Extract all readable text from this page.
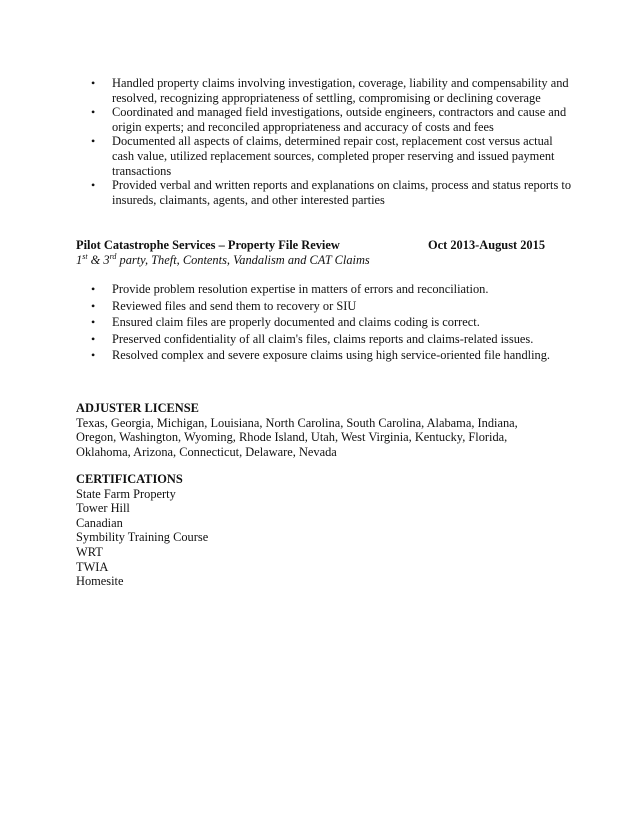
• Handled property claims involving investigation, coverage, liability and compensability and resolved, recognizing appropriateness of settling, compromising or declining coverage
• Coordinated and managed field investigations, outside engineers, contractors and cause and origin experts; and reconciled appropriateness and accuracy of costs and fees
• Documented all aspects of claims, determined repair cost, replacement cost versus actual cash value, utilized replacement sources, completed proper reserving and issued payment transactions
• Provided verbal and written reports and explanations on claims, process and status reports to insureds, claimants, agents, and other interested parties
Pilot Catastrophe Services – Property File Review	Oct 2013-August 2015
1st & 3rd party, Theft, Contents, Vandalism and CAT Claims
• Provide problem resolution expertise in matters of errors and reconciliation.
• Reviewed files and send them to recovery or SIU
• Ensured claim files are properly documented and claims coding is correct.
• Preserved confidentiality of all claim's files, claims reports and claims-related issues.
• Resolved complex and severe exposure claims using high service-oriented file handling.
ADJUSTER LICENSE

Texas, Georgia, Michigan, Louisiana, North Carolina, South Carolina, Alabama, Indiana, Oregon, Washington, Wyoming, Rhode Island, Utah, West Virginia, Kentucky, Florida, Oklahoma, Arizona, Connecticut, Delaware, Nevada

CERTIFICATIONS

State Farm Property

Tower Hill

Canadian

Symbility Training Course

WRT

TWIA

Homesite
